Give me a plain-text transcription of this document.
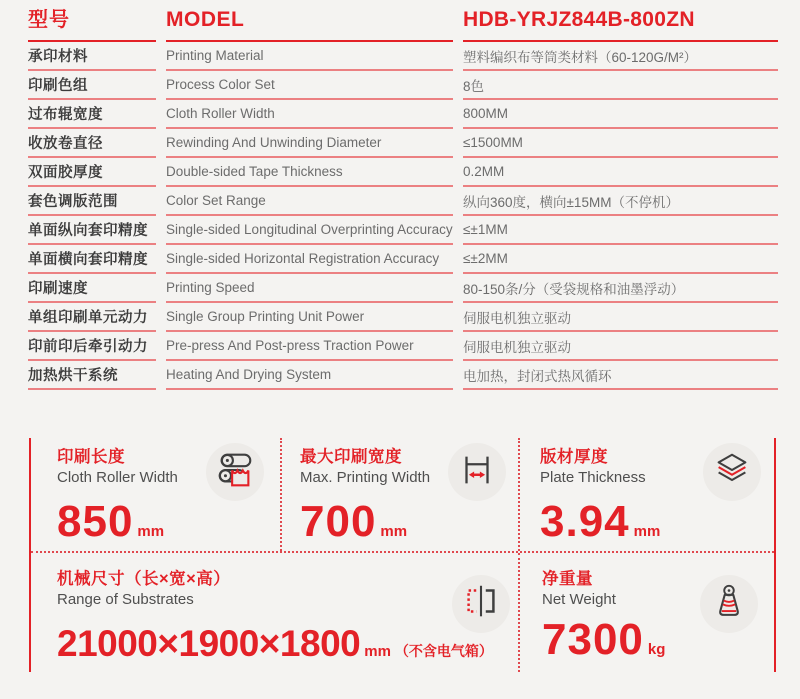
型号	MODEL	HDB-YRJZ844B-800ZN
承印材料	Printing Material	塑料编织布等筒类材料（60-120G/M²）
印刷色组	Process Color Set	8色
过布辊宽度	Cloth Roller Width	800MM
收放卷直径	Rewinding And Unwinding Diameter	≤1500MM
双面胶厚度	Double-sided Tape Thickness	0.2MM
套色调版范围	Color Set Range	纵向360度，横向±15MM（不停机）
单面纵向套印精度 Single-sided Longitudinal Overprinting Accuracy ≤±1MM
单面横向套印精度 Single-sided Horizontal Registration Accuracy ≤±2MM
印刷速度	Printing Speed	80-150条/分（受袋规格和油墨浮动）
单组印刷单元动力 Single Group Printing Unit Power	伺服电机独立驱动
印前印后牵引动力 Pre-press And Post-press Traction Power	伺服电机独立驱动
加热烘干系统	Heating And Drying System	电加热，封闭式热风循环
印刷长度
Cloth Roller Width
850 mm
最大印刷宽度
Max. Printing Width
700 mm
版材厚度
Plate Thickness
3.94 mm
机械尺寸（长×宽×高）
Range of Substrates
21000×1900×1800 mm （不含电气箱）
净重量
Net Weight
7300 kg
